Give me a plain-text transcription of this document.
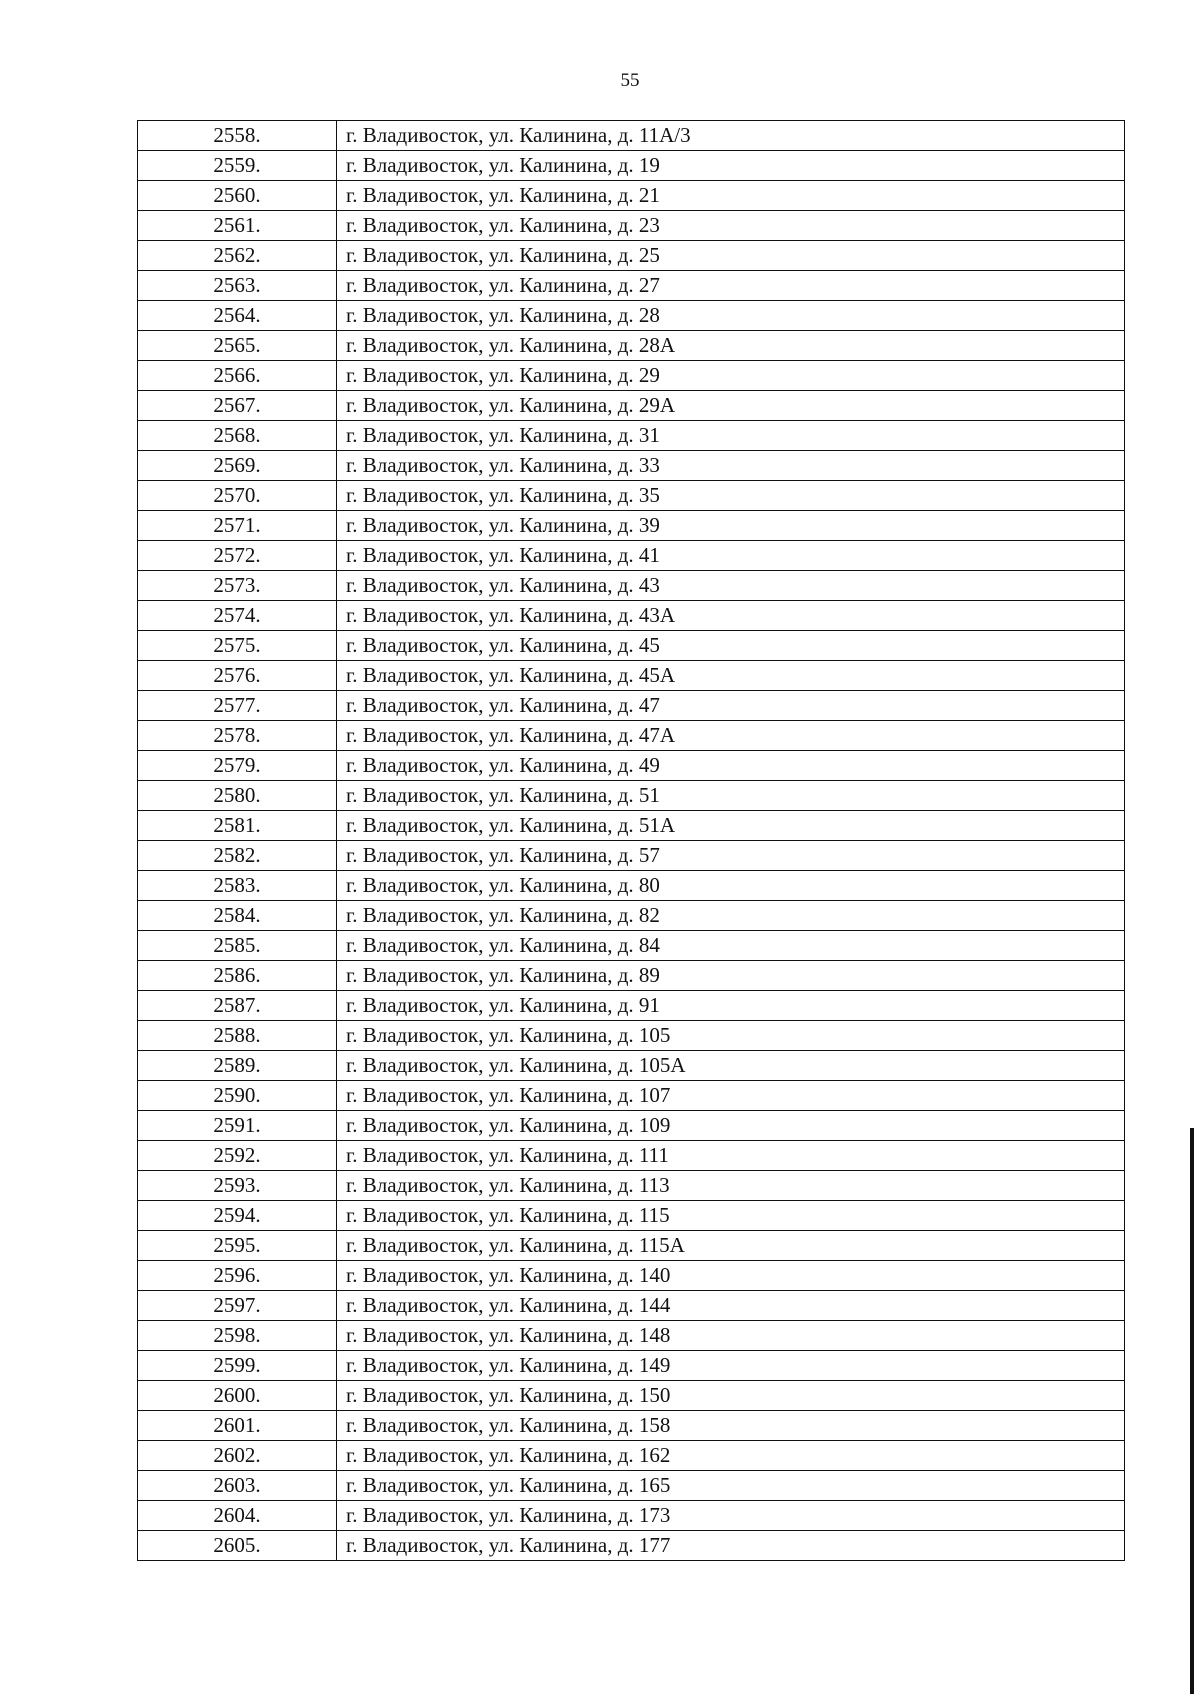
55
2558.	г. Владивосток, ул. Калинина, д. 11А/3
2559.	г. Владивосток, ул. Калинина, д. 19
2560.	г. Владивосток, ул. Калинина, д. 21
2561.	г. Владивосток, ул. Калинина, д. 23
2562.	г. Владивосток, ул. Калинина, д. 25
2563.	г. Владивосток, ул. Калинина, д. 27
2564.	г. Владивосток, ул. Калинина, д. 28
2565.	г. Владивосток, ул. Калинина, д. 28А
2566.	г. Владивосток, ул. Калинина, д. 29
2567.	г. Владивосток, ул. Калинина, д. 29А
2568.	г. Владивосток, ул. Калинина, д. 31
2569.	г. Владивосток, ул. Калинина, д. 33
2570.	г. Владивосток, ул. Калинина, д. 35
2571.	г. Владивосток, ул. Калинина, д. 39
2572.	г. Владивосток, ул. Калинина, д. 41
2573.	г. Владивосток, ул. Калинина, д. 43
2574.	г. Владивосток, ул. Калинина, д. 43А
2575.	г. Владивосток, ул. Калинина, д. 45
2576.	г. Владивосток, ул. Калинина, д. 45А
2577.	г. Владивосток, ул. Калинина, д. 47
2578.	г. Владивосток, ул. Калинина, д. 47А
2579.	г. Владивосток, ул. Калинина, д. 49
2580.	г. Владивосток, ул. Калинина, д. 51
2581.	г. Владивосток, ул. Калинина, д. 51А
2582.	г. Владивосток, ул. Калинина, д. 57
2583.	г. Владивосток, ул. Калинина, д. 80
2584.	г. Владивосток, ул. Калинина, д. 82
2585.	г. Владивосток, ул. Калинина, д. 84
2586.	г. Владивосток, ул. Калинина, д. 89
2587.	г. Владивосток, ул. Калинина, д. 91
2588.	г. Владивосток, ул. Калинина, д. 105
2589.	г. Владивосток, ул. Калинина, д. 105А
2590.	г. Владивосток, ул. Калинина, д. 107
2591.	г. Владивосток, ул. Калинина, д. 109
2592.	г. Владивосток, ул. Калинина, д. 111
2593.	г. Владивосток, ул. Калинина, д. 113
2594.	г. Владивосток, ул. Калинина, д. 115
2595.	г. Владивосток, ул. Калинина, д. 115А
2596.	г. Владивосток, ул. Калинина, д. 140
2597.	г. Владивосток, ул. Калинина, д. 144
2598.	г. Владивосток, ул. Калинина, д. 148
2599.	г. Владивосток, ул. Калинина, д. 149
2600.	г. Владивосток, ул. Калинина, д. 150
2601.	г. Владивосток, ул. Калинина, д. 158
2602.	г. Владивосток, ул. Калинина, д. 162
2603.	г. Владивосток, ул. Калинина, д. 165
2604.	г. Владивосток, ул. Калинина, д. 173
2605.	г. Владивосток, ул. Калинина, д. 177
